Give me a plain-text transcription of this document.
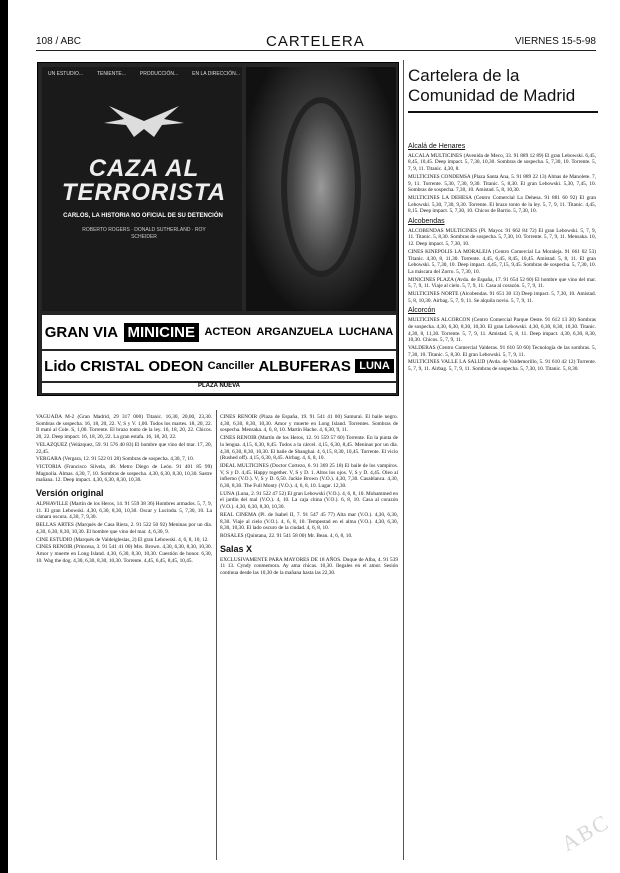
108 / ABC	CARTELERA	VIERNES 15-5-98
UN ESTUDIO...	TENIENTE...	PRODUCCIÓN...	EN LA DIRECCIÓN...
CAZA AL TERRORISTA
CARLOS, LA HISTORIA NO OFICIAL DE SU DETENCIÓN
ROBERTO ROGERS · DONALD SUTHERLAND · ROY SCHEIDER
GRAN VIA MINICINE ACTEON ARGANZUELA LUCHANA
Lido CRISTAL ODEON Canciller ALBUFERAS LUNA
PLAZA NUEVA
Cartelera de la
Comunidad de Madrid

VAGUADA M-2 (Gran Madrid, 29 317 000) Titanic. 16,30, 20,00, 23,30. Sombras de sospecha. 16, 18, 20, 22. V, S y V. 1,00. Todos los martes. 18, 20, 22. Il mató al Cole. S, 1,00. Torrente. El brazo tonto de la ley. 16, 18, 20, 22. Chicos. 20, 22. Deep impact. 16, 18, 20, 22. La gran estafa. 16, 18, 20, 22.

VELAZQUEZ (Velázquez, 59. 91 576 40 83) El hombre que vino del mar. 17, 20, 22,45.

VERGARA (Vergara, 12. 91 522 01 28) Sombras de sospecha. 4,30, 7, 10.

VICTORIA (Francisco Silvela, 48. Metro Diego de León. 91 401 85 99) Magnolia. Almas. 4,30, 7, 10. Sombras de sospecha. 4,30, 6,30, 8,30, 10,30. Sastre mañana. 12. Deep impact. 4,30, 6,30, 8,30, 10,30.

Versión original

ALPHAVILLE (Martín de los Heros, 14. 91 559 38 36) Hombres armados. 5, 7, 9, 11. El gran Lebowski. 4,30, 6,30, 8,30, 10,30. Oscar y Lucinda. 5, 7,30, 10. La cámara oscura. 4,30, 7, 9,30.

BELLAS ARTES (Marqués de Casa Riera, 2. 91 522 50 92) Meninas por un día. 4,30, 6,30, 8,30, 10,30. El hombre que vino del mar. 4, 6,30, 9.

CINE ESTUDIO (Marqués de Valdeiglesias, 2) El gran Lebowski. 4, 6, 8, 10, 12.

CINES RENOIR (Princesa, 3. 91 541 41 00) Mrs. Brown. 4,30, 6,30, 8,30, 10,30. Amor y muerte en Long Island. 4,30, 6,30, 8,30, 10,30. Cuestión de honor. 6,30, 10. Wag the dog. 4,30, 6,30, 8,30, 10,30. Torrente. 4,45, 6,45, 8,45, 10,45.

CINES RENOIR (Plaza de España, 19. 91 541 41 00) Samurai. El baile negro. 4,30, 6,30, 8,30, 10,30. Amor y muerte en Long Island. Torrentes. Sombras de sospecha. Mensaka. 4, 6, 8, 10. Martín Hache. 4, 6,30, 9, 11.

CINES RENOIR (Martín de los Heros, 12. 91 559 57 60) Torrente. En la punta de la lengua. 4,15, 6,30, 8,45. Todos a la cárcel. 4,15, 6,30, 8,45. Meninas por un día. 4,30, 6,30, 8,30, 10,30. El baile de Shanghai. 4, 6,15, 8,30, 10,45. Torrente. El vicio (Rushed off). 4,15, 6,30, 8,45. Airbag. 4, 6, 8, 10.

IDEAL MULTICINES (Doctor Cortezo, 6. 91 369 25 18) El baile de los vampiros. V, S y D. 4,45. Happy together. V, S y D. 1. Altos los ojos. V, S y D. 4,45. Oleo al infierno (V.O.). V, S y D. 6,50. Jackie Brown (V.O.). 4,30, 7,30. Casablanca. 4,30, 6,30, 8,30. The Full Monty (V.O.). 4, 6, 8, 10. Lugar. 12,30.

LUNA (Luna, 2. 91 522 47 52) El gran Lebowski (V.O.). 4, 6, 8, 10. Mohammed en el jardín del mal (V.O.). 4, 10. La caja china (V.O.). 6, 8, 10. Casa al corazón (V.O.). 4,30, 6,30, 8,30, 10,30.

REAL CINEMA (Pl. de Isabel II, 7. 91 547 45 77) Alta mar (V.O.). 4,30, 6,30, 8,30. Viaje al cielo (V.O.). 4, 6, 8, 10. Tempestad en el alma (V.O.). 4,30, 6,30, 8,30, 10,30. El lado oscuro de la ciudad. 4, 6, 8, 10.

ROSALES (Quintana, 22. 91 541 58 00) Mr. Bean. 4, 6, 8, 10.

Salas X

EXCLUSIVAMENTE PARA MAYORES DE 18 AÑOS. Duque de Alba, 4. 91 539 11 13. Cyndy conmemora. Ay ama chicas. 10,30. Ilegales en el amor. Sesión continua desde las 10,30 de la mañana hasta las 22,30.

Alcalá de Henares

ALCALA MULTICINES (Avenida de Meco, 33. 91 889 12 89) El gran Lebowski. 6,45, 8,45, 10,45. Deep impact. 5, 7,30, 10,30. Sombras de sospecha. 5, 7,30, 10. Torrente. 5, 7, 9, 11. Titanic. 4,30, 8.

MULTICINES CONDEMSA (Plaza Santa Ana, 5. 91 889 22 13) Almas de Manolete. 7, 9, 11. Torrente. 5,30, 7,30, 9,30. Titanic. 5, 8,30. El gran Lebowski. 5,30, 7,45, 10. Sombras de sospecha. 7,30, 10. Amistad. 5, 8, 10,30.

MULTICINES LA DEHESA (Centro Comercial La Dehesa. 91 881 60 92) El gran Lebowski. 5,30, 7,30, 9,30. Torrente. El brazo tonto de la ley. 5, 7, 9, 11. Titanic. 4,45, 8,15. Deep impact. 5, 7,30, 10. Chicos de Barrio. 5, 7,30, 10.

Alcobendas

ALCOBENDAS MULTICINES (Pl. Mayor. 91 662 84 72) El gran Lebowski. 5, 7, 9, 11. Titanic. 5, 8,30. Sombras de sospecha. 5, 7,30, 10. Torrente. 5, 7, 9, 11. Mensaka. 10, 12. Deep impact. 5, 7,30, 10.

CINES KINEPOLIS LA MORALEJA (Centro Comercial La Moraleja. 91 661 02 53) Titanic. 4,30, 8, 11,30. Torrente. 4,45, 6,45, 8,45, 10,45. Amistad. 5, 8, 11. El gran Lebowski. 5, 7,30, 10. Deep impact. 4,45, 7,15, 9,45. Sombras de sospecha. 5, 7,30, 10. La máscara del Zorro. 5, 7,30, 10.

MINICINES PLAZA (Avda. de España, 17. 91 654 52 60) El hombre que vino del mar. 5, 7, 9, 11. Viaje al cielo. 5, 7, 9, 11. Casa al corazón. 5, 7, 9, 11.

MULTICINES NORTE (Alcobendas. 91 651 30 13) Deep impact. 5, 7,30, 10. Amistad. 5, 8, 10,30. Airbag. 5, 7, 9, 11. Se alquila novio. 5, 7, 9, 11.

Alcorcón

MULTICINES ALCORCON (Centro Comercial Parque Oeste. 91 612 13 30) Sombras de sospecha. 4,30, 6,30, 8,30, 10,30. El gran Lebowski. 4,30, 6,30, 8,30, 10,30. Titanic. 4,30, 8, 11,30. Torrente. 5, 7, 9, 11. Amistad. 5, 8, 11. Deep impact. 4,30, 6,30, 8,30, 10,30. Chicos. 5, 7, 9, 11.

VALDERAS (Centro Comercial Valderas. 91 610 50 60) Tecnología de las sombras. 5, 7,30, 10. Titanic. 5, 8,30. El gran Lebowski. 5, 7, 9, 11.

MULTICINES VALLE LA SALUD (Avda. de Valdemorillo, 5. 91 610 42 12) Torrente. 5, 7, 9, 11. Airbag. 5, 7, 9, 11. Sombras de sospecha. 5, 7,30, 10. Titanic. 5, 8,30.

ABC
